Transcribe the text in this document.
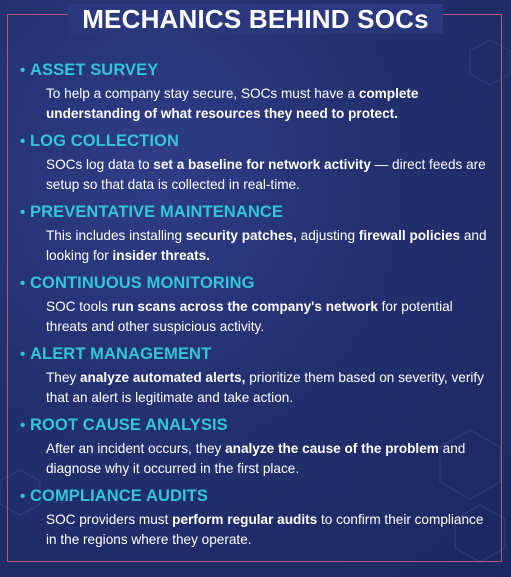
MECHANICS BEHIND SOCs
• ASSET SURVEY
To help a company stay secure, SOCs must have a complete understanding of what resources they need to protect.
• LOG COLLECTION
SOCs log data to set a baseline for network activity — direct feeds are setup so that data is collected in real-time.
• PREVENTATIVE MAINTENANCE
This includes installing security patches, adjusting firewall policies and looking for insider threats.
• CONTINUOUS MONITORING
SOC tools run scans across the company's network for potential threats and other suspicious activity.
• ALERT MANAGEMENT
They analyze automated alerts, prioritize them based on severity, verify that an alert is legitimate and take action.
• ROOT CAUSE ANALYSIS
After an incident occurs, they analyze the cause of the problem and diagnose why it occurred in the first place.
• COMPLIANCE AUDITS
SOC providers must perform regular audits to confirm their compliance in the regions where they operate.
